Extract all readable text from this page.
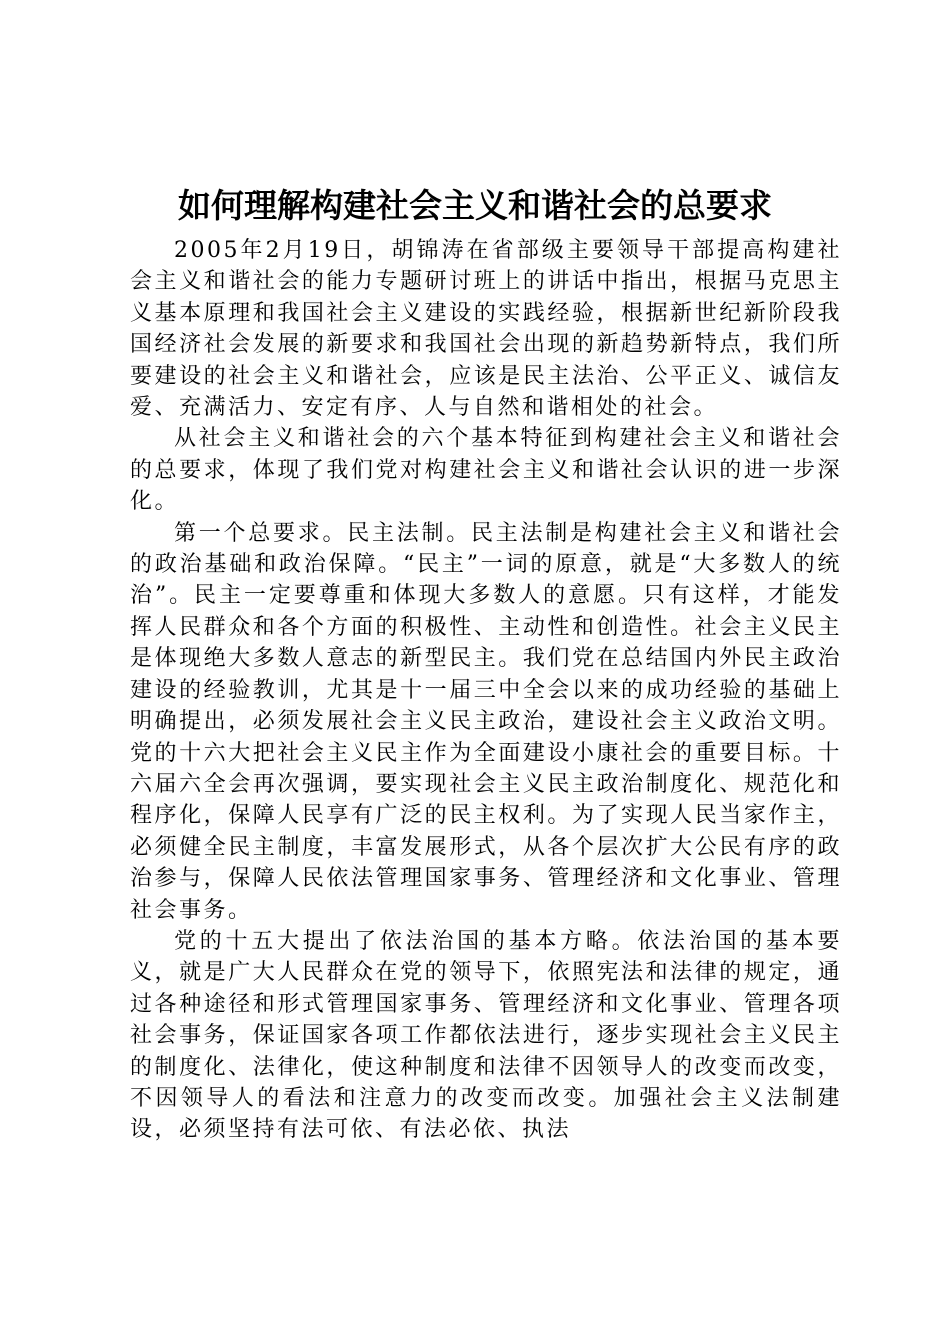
如何理解构建社会主义和谐社会的总要求

2005年2月19日，胡锦涛在省部级主要领导干部提高构建社会主义和谐社会的能力专题研讨班上的讲话中指出，根据马克思主义基本原理和我国社会主义建设的实践经验，根据新世纪新阶段我国经济社会发展的新要求和我国社会出现的新趋势新特点，我们所要建设的社会主义和谐社会，应该是民主法治、公平正义、诚信友爱、充满活力、安定有序、人与自然和谐相处的社会。

从社会主义和谐社会的六个基本特征到构建社会主义和谐社会的总要求，体现了我们党对构建社会主义和谐社会认识的进一步深化。

第一个总要求。民主法制。民主法制是构建社会主义和谐社会的政治基础和政治保障。“民主”一词的原意，就是“大多数人的统治”。民主一定要尊重和体现大多数人的意愿。只有这样，才能发挥人民群众和各个方面的积极性、主动性和创造性。社会主义民主是体现绝大多数人意志的新型民主。我们党在总结国内外民主政治建设的经验教训，尤其是十一届三中全会以来的成功经验的基础上明确提出，必须发展社会主义民主政治，建设社会主义政治文明。党的十六大把社会主义民主作为全面建设小康社会的重要目标。十六届六全会再次强调，要实现社会主义民主政治制度化、规范化和程序化，保障人民享有广泛的民主权利。为了实现人民当家作主，必须健全民主制度，丰富发展形式，从各个层次扩大公民有序的政治参与，保障人民依法管理国家事务、管理经济和文化事业、管理社会事务。

党的十五大提出了依法治国的基本方略。依法治国的基本要义，就是广大人民群众在党的领导下，依照宪法和法律的规定，通过各种途径和形式管理国家事务、管理经济和文化事业、管理各项社会事务，保证国家各项工作都依法进行，逐步实现社会主义民主的制度化、法律化，使这种制度和法律不因领导人的改变而改变，不因领导人的看法和注意力的改变而改变。加强社会主义法制建设，必须坚持有法可依、有法必依、执法
